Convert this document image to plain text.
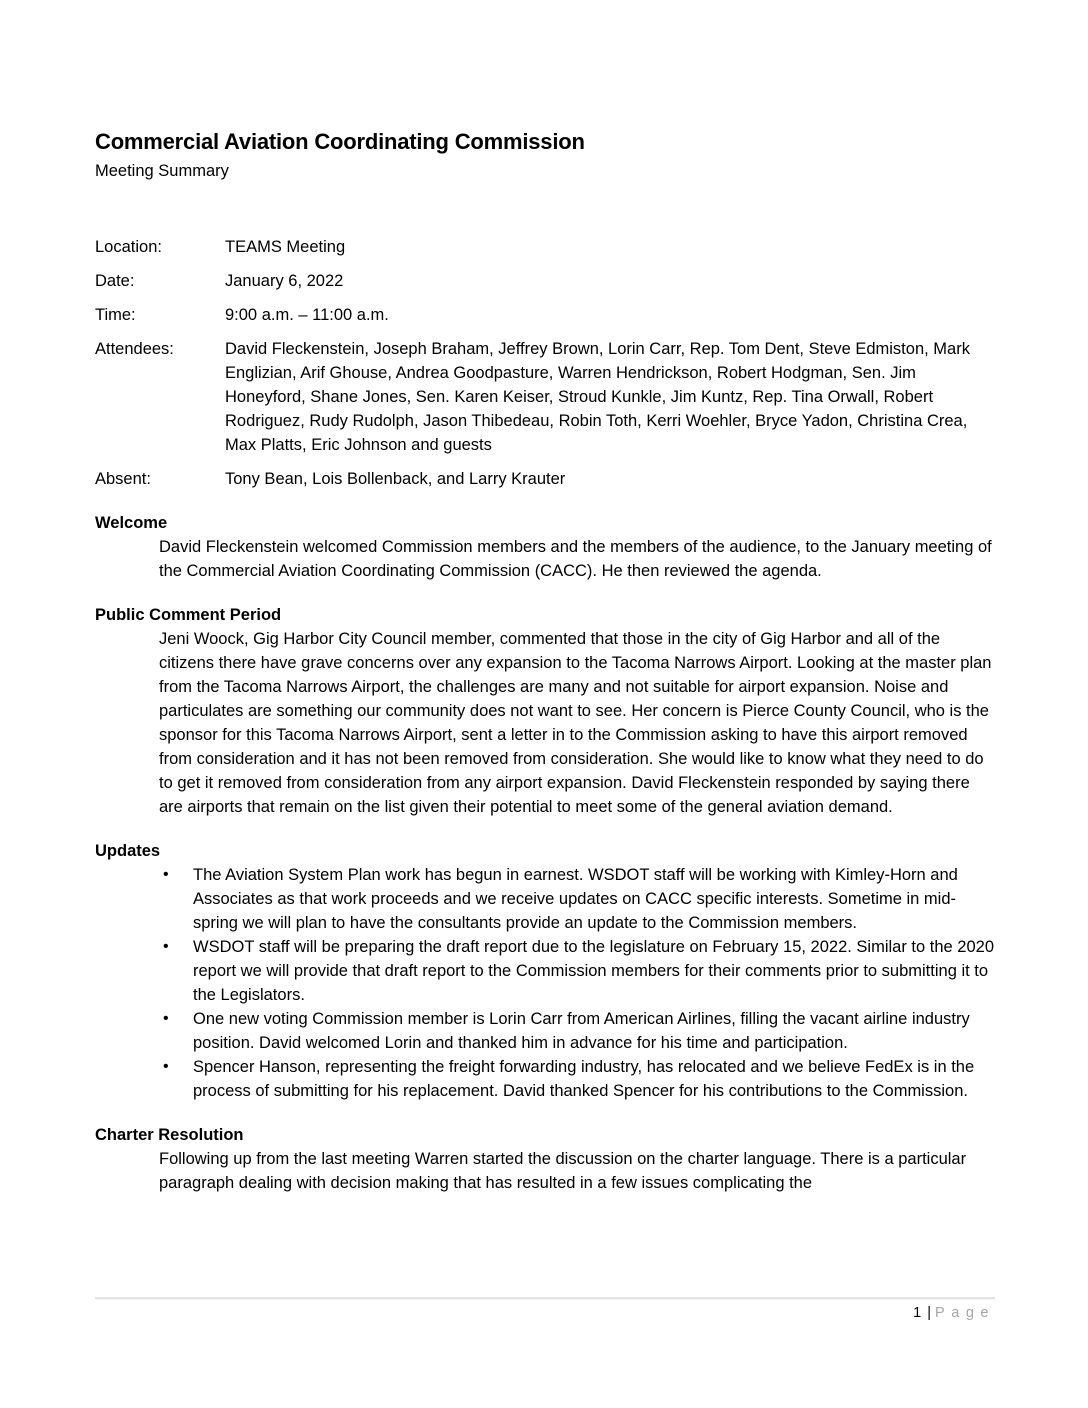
Commercial Aviation Coordinating Commission
Meeting Summary
Location:	TEAMS Meeting
Date:	January 6, 2022
Time:	9:00 a.m. – 11:00 a.m.
Attendees:	David Fleckenstein, Joseph Braham, Jeffrey Brown, Lorin Carr, Rep. Tom Dent, Steve Edmiston, Mark Englizian, Arif Ghouse, Andrea Goodpasture, Warren Hendrickson, Robert Hodgman, Sen. Jim Honeyford, Shane Jones, Sen. Karen Keiser, Stroud Kunkle, Jim Kuntz, Rep. Tina Orwall, Robert Rodriguez, Rudy Rudolph, Jason Thibedeau, Robin Toth, Kerri Woehler, Bryce Yadon, Christina Crea, Max Platts, Eric Johnson and guests
Absent:	Tony Bean, Lois Bollenback, and Larry Krauter
Welcome

David Fleckenstein welcomed Commission members and the members of the audience, to the January meeting of the Commercial Aviation Coordinating Commission (CACC). He then reviewed the agenda.

Public Comment Period

Jeni Woock, Gig Harbor City Council member, commented that those in the city of Gig Harbor and all of the citizens there have grave concerns over any expansion to the Tacoma Narrows Airport. Looking at the master plan from the Tacoma Narrows Airport, the challenges are many and not suitable for airport expansion. Noise and particulates are something our community does not want to see. Her concern is Pierce County Council, who is the sponsor for this Tacoma Narrows Airport, sent a letter in to the Commission asking to have this airport removed from consideration and it has not been removed from consideration. She would like to know what they need to do to get it removed from consideration from any airport expansion. David Fleckenstein responded by saying there are airports that remain on the list given their potential to meet some of the general aviation demand.

Updates
• The Aviation System Plan work has begun in earnest. WSDOT staff will be working with Kimley-Horn and Associates as that work proceeds and we receive updates on CACC specific interests. Sometime in mid-spring we will plan to have the consultants provide an update to the Commission members.
• WSDOT staff will be preparing the draft report due to the legislature on February 15, 2022. Similar to the 2020 report we will provide that draft report to the Commission members for their comments prior to submitting it to the Legislators.
• One new voting Commission member is Lorin Carr from American Airlines, filling the vacant airline industry position. David welcomed Lorin and thanked him in advance for his time and participation.
• Spencer Hanson, representing the freight forwarding industry, has relocated and we believe FedEx is in the process of submitting for his replacement. David thanked Spencer for his contributions to the Commission.
Charter Resolution

Following up from the last meeting Warren started the discussion on the charter language. There is a particular paragraph dealing with decision making that has resulted in a few issues complicating the

1 | Page
